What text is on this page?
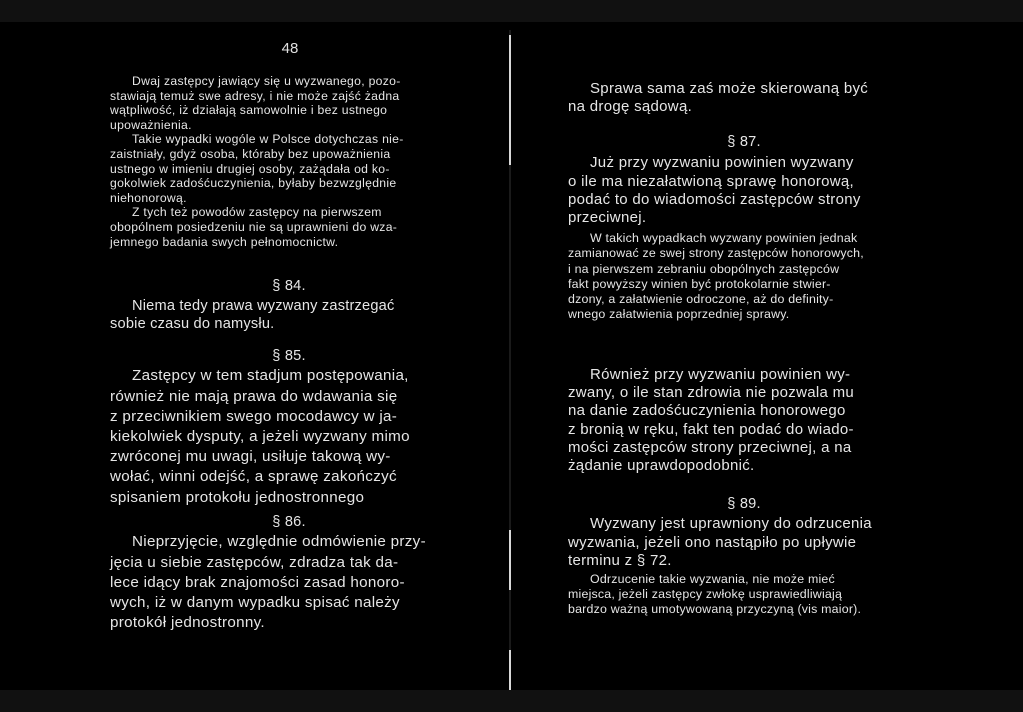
48

Dwaj zastępcy jawiący się u wyzwanego, pozo-
stawiają temuż swe adresy, i nie może zajść żadna
wątpliwość, iż działają samowolnie i bez ustnego
upoważnienia.

Takie wypadki wogóle w Polsce dotychczas nie-
zaistniały, gdyż osoba, któraby bez upoważnienia
ustnego w imieniu drugiej osoby, zażądała od ko-
gokolwiek zadośćuczynienia, byłaby bezwzględnie
niehonorową.

Z tych też powodów zastępcy na pierwszem
obopólnem posiedzeniu nie są uprawnieni do wza-
jemnego badania swych pełnomocnictw.

§ 84.

Niema tedy prawa wyzwany zastrzegać
sobie czasu do namysłu.

§ 85.

Zastępcy w tem stadjum postępowania,
również nie mają prawa do wdawania się
z przeciwnikiem swego mocodawcy w ja-
kiekolwiek dysputy, a jeżeli wyzwany mimo
zwróconej mu uwagi, usiłuje takową wy-
wołać, winni odejść, a sprawę zakończyć
spisaniem protokołu jednostronnego

§ 86.

Nieprzyjęcie, względnie odmówienie przy-
jęcia u siebie zastępców, zdradza tak da-
lece idący brak znajomości zasad honoro-
wych, iż w danym wypadku spisać należy
protokół jednostronny.

Sprawa sama zaś może skierowaną być
na drogę sądową.

§ 87.

Już przy wyzwaniu powinien wyzwany
o ile ma niezałatwioną sprawę honorową,
podać to do wiadomości zastępców strony
przeciwnej.

W takich wypadkach wyzwany powinien jednak
zamianować ze swej strony zastępców honorowych,
i na pierwszem zebraniu obopólnych zastępców
fakt powyższy winien być protokolarnie stwier-
dzony, a załatwienie odroczone, aż do definity-
wnego załatwienia poprzedniej sprawy.

Również przy wyzwaniu powinien wy-
zwany, o ile stan zdrowia nie pozwala mu
na danie zadośćuczynienia honorowego
z bronią w ręku, fakt ten podać do wiado-
mości zastępców strony przeciwnej, a na
żądanie uprawdopodobnić.

§ 89.

Wyzwany jest uprawniony do odrzucenia
wyzwania, jeżeli ono nastąpiło po upływie
terminu z § 72.

Odrzucenie takie wyzwania, nie może mieć
miejsca, jeżeli zastępcy zwłokę usprawiedliwiają
bardzo ważną umotywowaną przyczyną (vis maior).
